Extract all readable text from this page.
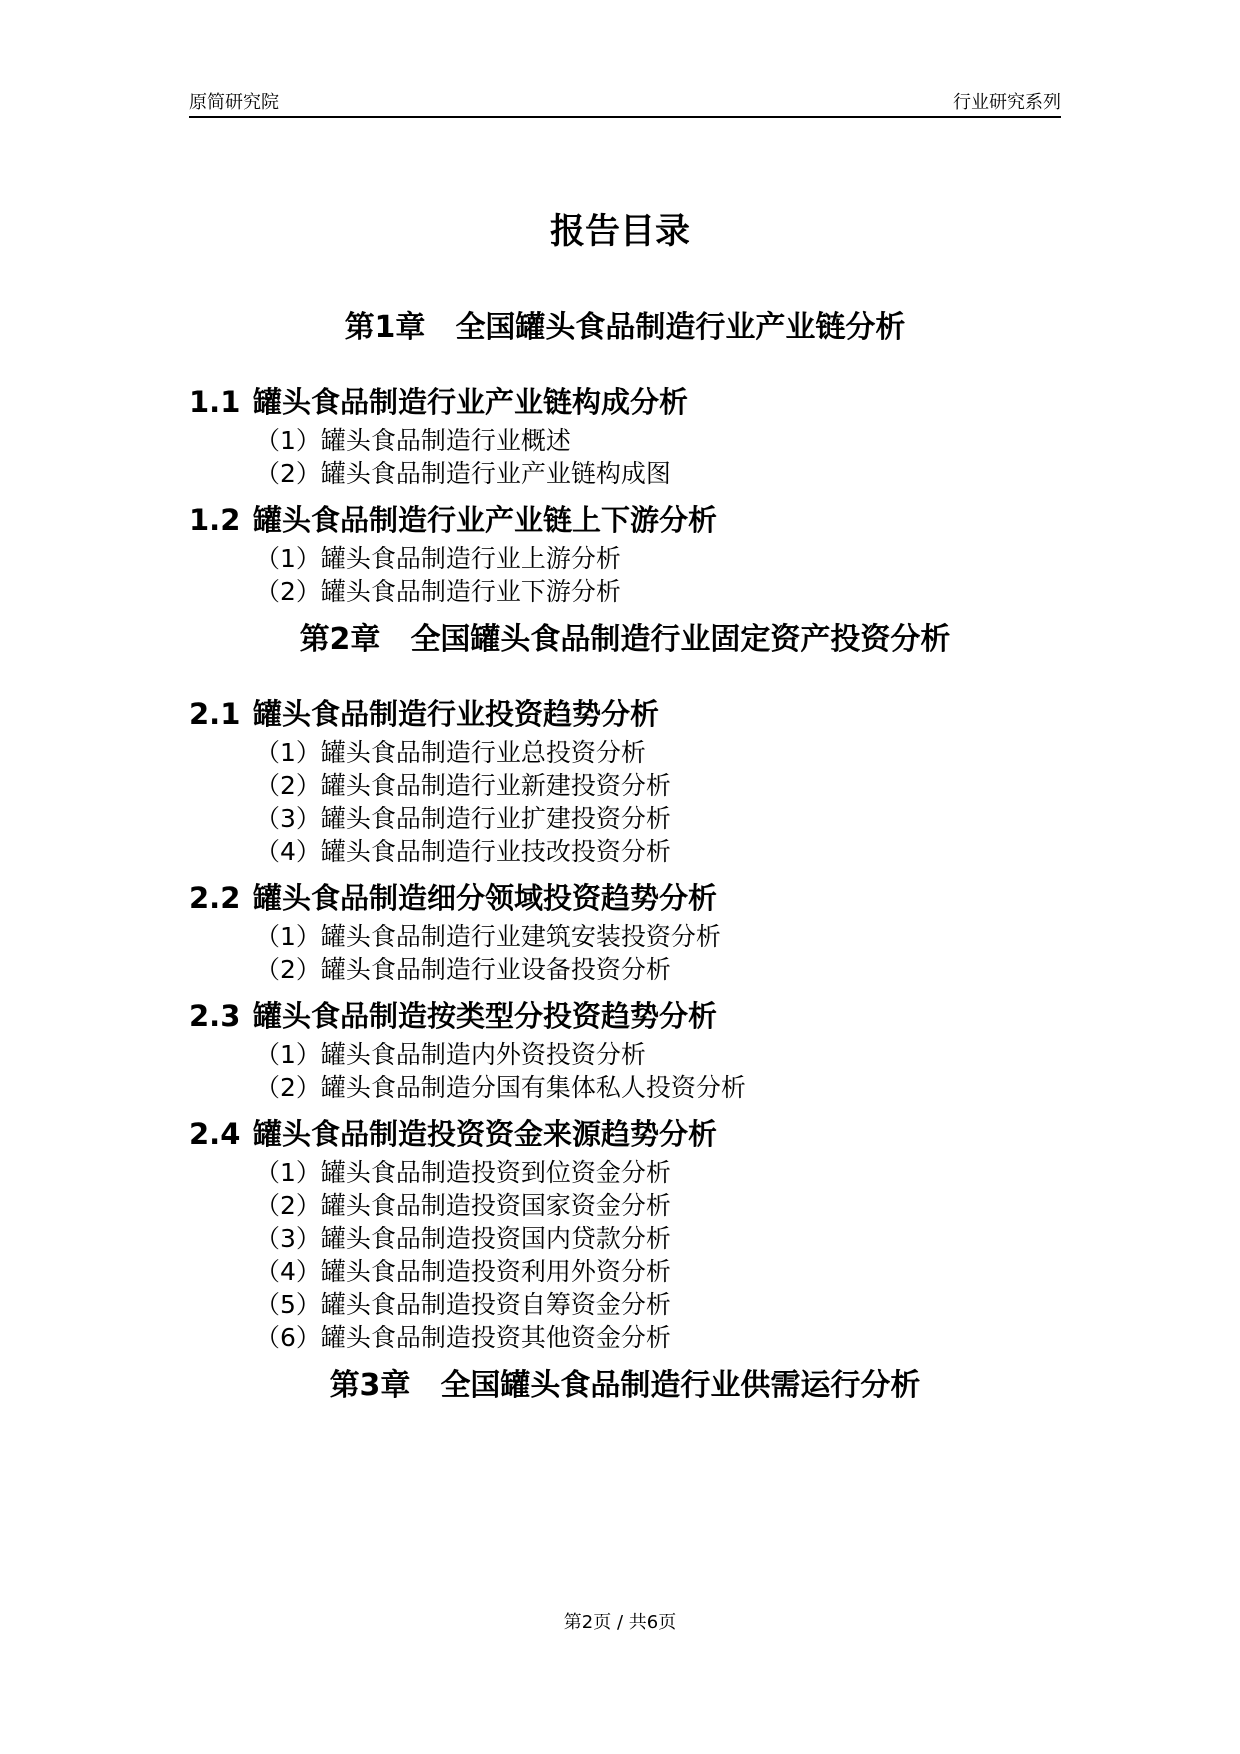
原简研究院	行业研究系列
报告目录
第1章 全国罐头食品制造行业产业链分析
1.1 罐头食品制造行业产业链构成分析
（1）罐头食品制造行业概述
（2）罐头食品制造行业产业链构成图
1.2 罐头食品制造行业产业链上下游分析
（1）罐头食品制造行业上游分析
（2）罐头食品制造行业下游分析
第2章 全国罐头食品制造行业固定资产投资分析
2.1 罐头食品制造行业投资趋势分析
（1）罐头食品制造行业总投资分析
（2）罐头食品制造行业新建投资分析
（3）罐头食品制造行业扩建投资分析
（4）罐头食品制造行业技改投资分析
2.2 罐头食品制造细分领域投资趋势分析
（1）罐头食品制造行业建筑安装投资分析
（2）罐头食品制造行业设备投资分析
2.3 罐头食品制造按类型分投资趋势分析
（1）罐头食品制造内外资投资分析
（2）罐头食品制造分国有集体私人投资分析
2.4 罐头食品制造投资资金来源趋势分析
（1）罐头食品制造投资到位资金分析
（2）罐头食品制造投资国家资金分析
（3）罐头食品制造投资国内贷款分析
（4）罐头食品制造投资利用外资分析
（5）罐头食品制造投资自筹资金分析
（6）罐头食品制造投资其他资金分析
第3章 全国罐头食品制造行业供需运行分析
第2页 / 共6页
